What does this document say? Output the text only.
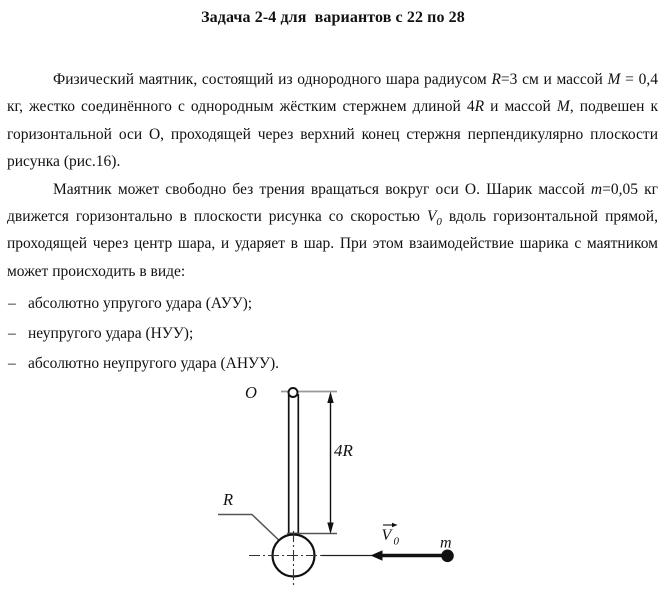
Задача 2-4 для  вариантов с 22 по 28

Физический маятник, состоящий из однородного шара радиусом R=3 см и массой M = 0,4 кг, жестко соединённого с однородным жёстким стержнем длиной 4R и массой M, подвешен к горизонтальной оси О, проходящей через верхний конец стержня перпендикулярно плоскости рисунка (рис.16).

Маятник может свободно без трения вращаться вокруг оси О. Шарик массой m=0,05 кг движется горизонтально в плоскости рисунка со скоростью $V_0$ вдоль горизонтальной прямой, проходящей через центр шара, и ударяет в шар. При этом взаимодействие шарика с маятником может происходить в виде:

– абсолютно упругого удара (АУУ);
– неупругого удара (НУУ);
– абсолютно неупругого удара (АНУУ).
O
4R
R
V 0	m
